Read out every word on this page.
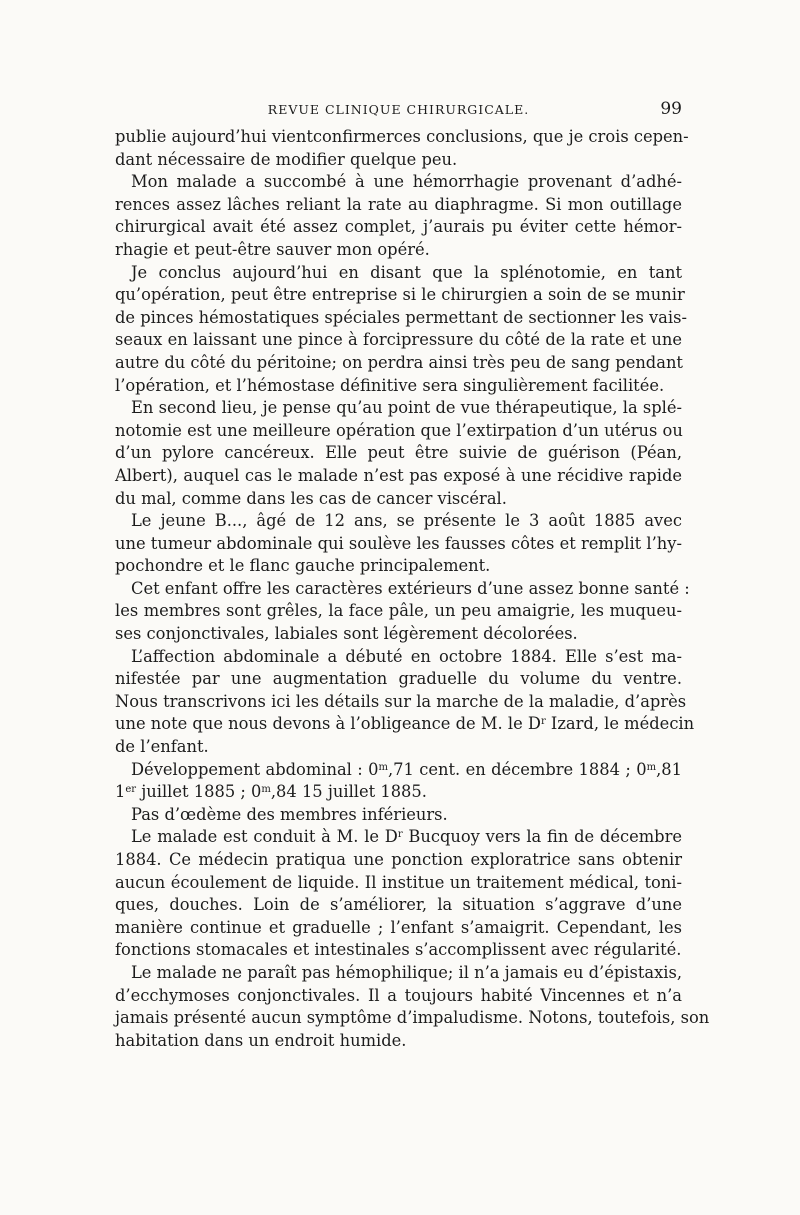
REVUE CLINIQUE CHIRURGICALE.	99
publie aujourd’hui vientconfirmerces conclusions, que je crois cepen-
dant nécessaire de modifier quelque peu.
Mon malade a succombé à une hémorrhagie provenant d’adhé-
rences assez lâches reliant la rate au diaphragme. Si mon outillage
chirurgical avait été assez complet, j’aurais pu éviter cette hémor-
rhagie et peut-être sauver mon opéré.
Je conclus aujourd’hui en disant que la splénotomie, en tant
qu’opération, peut être entreprise si le chirurgien a soin de se munir
de pinces hémostatiques spéciales permettant de sectionner les vais-
seaux en laissant une pince à forcipressure du côté de la rate et une
autre du côté du péritoine; on perdra ainsi très peu de sang pendant
l’opération, et l’hémostase définitive sera singulièrement facilitée.
En second lieu, je pense qu’au point de vue thérapeutique, la splé-
notomie est une meilleure opération que l’extirpation d’un utérus ou
d’un pylore cancéreux. Elle peut être suivie de guérison (Péan,
Albert), auquel cas le malade n’est pas exposé à une récidive rapide
du mal, comme dans les cas de cancer viscéral.
Le jeune B..., âgé de 12 ans, se présente le 3 août 1885 avec
une tumeur abdominale qui soulève les fausses côtes et remplit l’hy-
pochondre et le flanc gauche principalement.
Cet enfant offre les caractères extérieurs d’une assez bonne santé :
les membres sont grêles, la face pâle, un peu amaigrie, les muqueu-
ses conjonctivales, labiales sont légèrement décolorées.
L’affection abdominale a débuté en octobre 1884. Elle s’est ma-
nifestée par une augmentation graduelle du volume du ventre.
Nous transcrivons ici les détails sur la marche de la maladie, d’après
une note que nous devons à l’obligeance de M. le $D^r$ Izard, le médecin
de l’enfant.
Développement abdominal : 0$^m$,71 cent. en décembre 1884 ; 0$^m$,81
1er juillet 1885 ; 0$^m$,84 15 juillet 1885.
Pas d’œdème des membres inférieurs.
Le malade est conduit à M. le $D^r$ Bucquoy vers la fin de décembre
1884. Ce médecin pratiqua une ponction exploratrice sans obtenir
aucun écoulement de liquide. Il institue un traitement médical, toni-
ques, douches. Loin de s’améliorer, la situation s’aggrave d’une
manière continue et graduelle ; l’enfant s’amaigrit. Cependant, les
fonctions stomacales et intestinales s’accomplissent avec régularité.
Le malade ne paraît pas hémophilique; il n’a jamais eu d’épistaxis,
d’ecchymoses conjonctivales. Il a toujours habité Vincennes et n’a
jamais présenté aucun symptôme d’impaludisme. Notons, toutefois, son
habitation dans un endroit humide.
